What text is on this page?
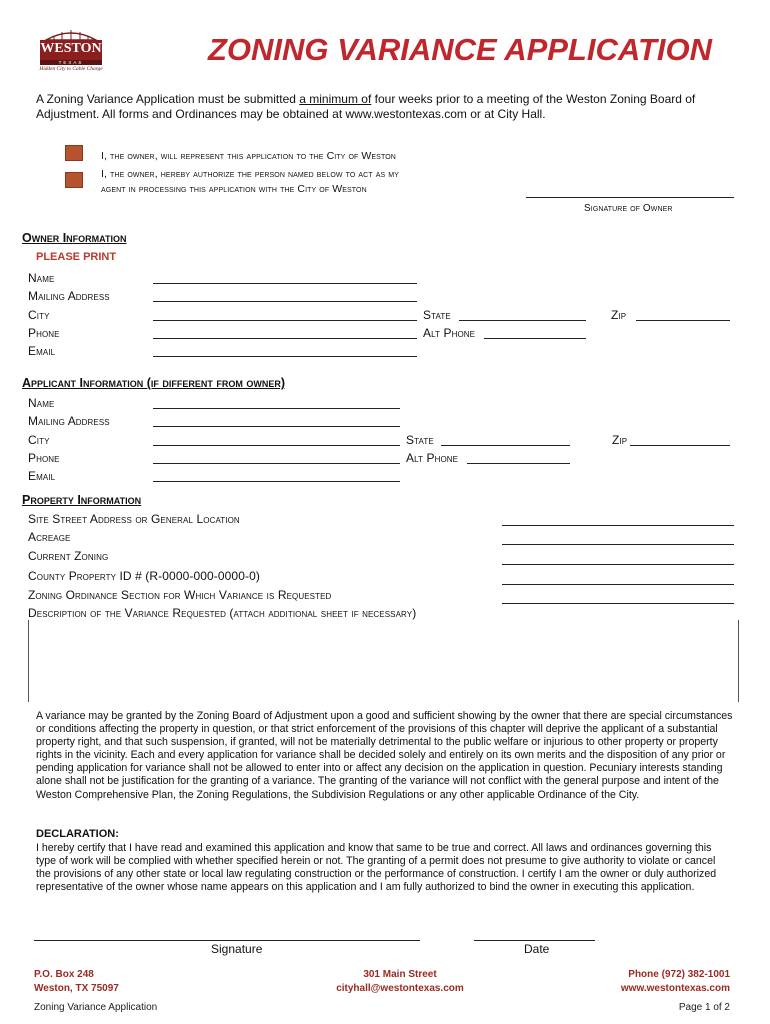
WESTON
TEXAS
Hidden City to Cable Charge
ZONING VARIANCE APPLICATION
A Zoning Variance Application must be submitted a minimum of four weeks prior to a meeting of the Weston Zoning Board of Adjustment. All forms and Ordinances may be obtained at www.westontexas.com or at City Hall.
I, the owner, will represent this application to the City of Weston
I, the owner, hereby authorize the person named below to act as my
agent in processing this application with the City of Weston
Signature of Owner
Owner Information
PLEASE PRINT
Name
Mailing Address
City	State	Zip
Phone	Alt Phone
Email
Applicant Information (if different from owner)
Name
Mailing Address
City	State	Zip
Phone	Alt Phone
Email
Property Information
Site Street Address or General Location
Acreage
Current Zoning
County Property ID # (R-0000-000-0000-0)
Zoning Ordinance Section for Which Variance is Requested
Description of the Variance Requested (attach additional sheet if necessary)
A variance may be granted by the Zoning Board of Adjustment upon a good and sufficient showing by the owner that there are special circumstances or conditions affecting the property in question, or that strict enforcement of the provisions of this chapter will deprive the applicant of a substantial property right, and that such suspension, if granted, will not be materially detrimental to the public welfare or injurious to other property or property rights in the vicinity. Each and every application for variance shall be decided solely and entirely on its own merits and the disposition of any prior or pending application for variance shall not be allowed to enter into or affect any decision on the application in question. Pecuniary interests standing alone shall not be justification for the granting of a variance. The granting of the variance will not conflict with the general purpose and intent of the Weston Comprehensive Plan, the Zoning Regulations, the Subdivision Regulations or any other applicable Ordinance of the City.
DECLARATION:
I hereby certify that I have read and examined this application and know that same to be true and correct. All laws and ordinances governing this type of work will be complied with whether specified herein or not. The granting of a permit does not presume to give authority to violate or cancel the provisions of any other state or local law regulating construction or the performance of construction. I certify I am the owner or duly authorized representative of the owner whose name appears on this application and I am fully authorized to bind the owner in executing this application.
Signature	Date
P.O. Box 248
Weston, TX 75097
301 Main Street
cityhall@westontexas.com
Phone (972) 382-1001
www.westontexas.com
Zoning Variance Application	Page 1 of 2
